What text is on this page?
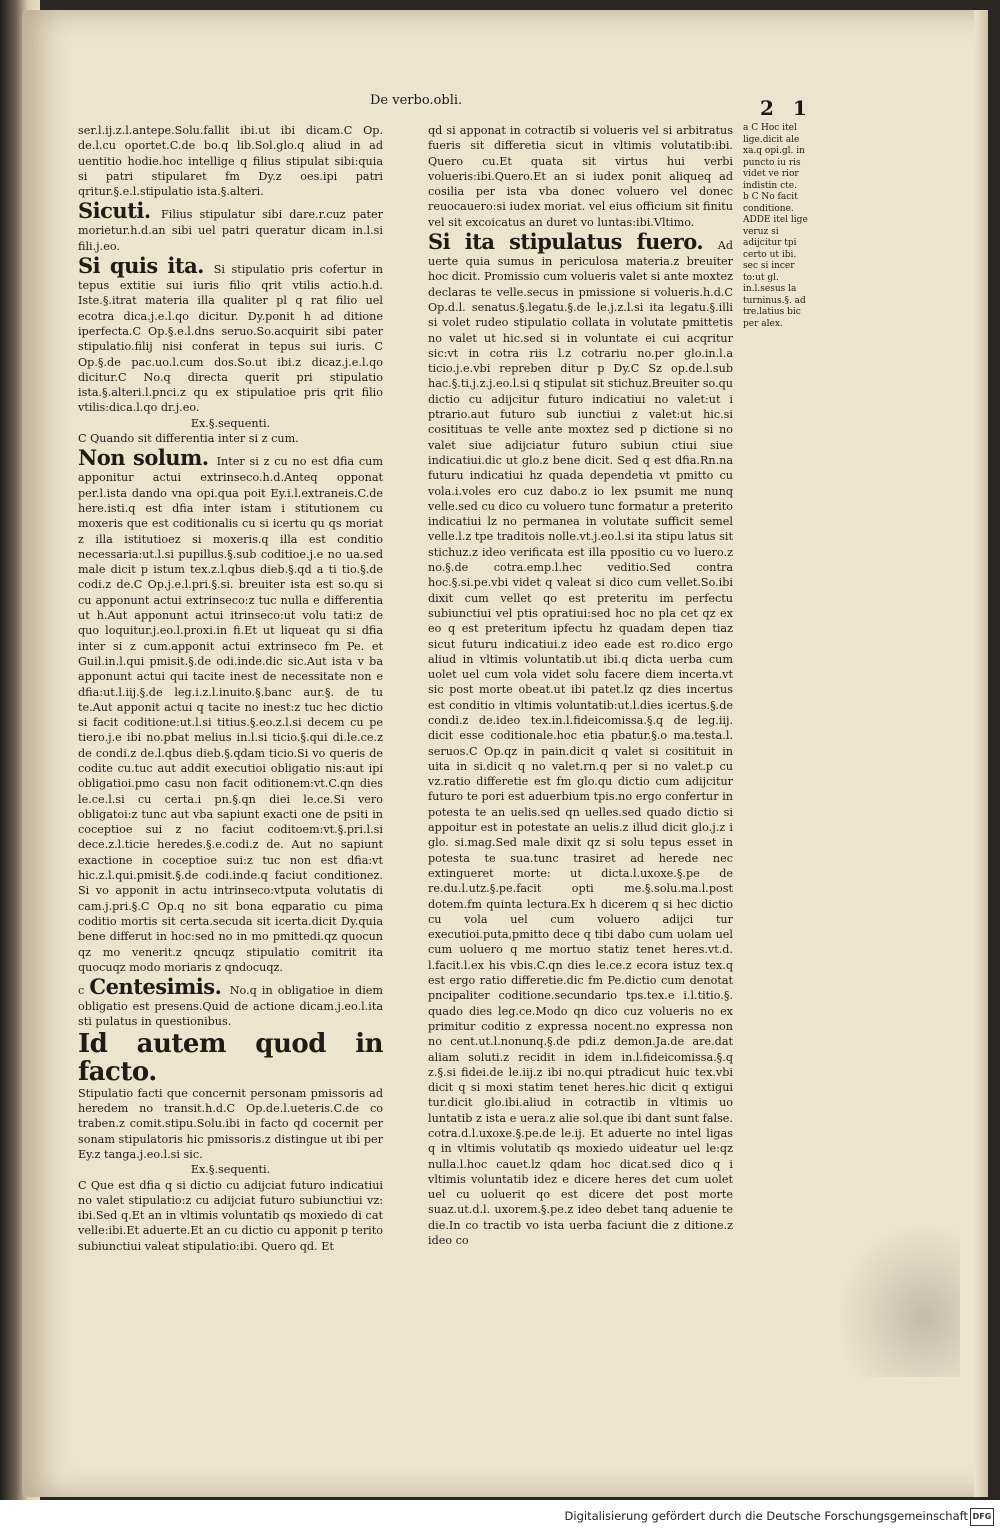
De verbo.obli.	2 1
ser.l.ij.z.l.antepe.Solu.fallit ibi.ut ibi dicam.C Op. de.l.cu oportet.C.de bo.q lib.Sol.glo.q aliud in ad uentitio hodie.hoc intellige q filius stipulat sibi:quia si patri stipularet fm Dy.z oes.ipi patri qritur.§.e.l.stipulatio ista.§.alteri.
Sicuti. Filius stipulatur sibi dare.r.cuz pater morietur.h.d.an sibi uel patri queratur dicam in.l.si fili.j.eo.
Si quis ita. Si stipulatio pris cofertur in tepus extitie sui iuris filio qrit vtilis actio.h.d. Iste.§.itrat materia illa qualiter pl q rat filio uel ecotra dica.j.e.l.qo dicitur. Dy.ponit h ad ditione iperfecta.C Op.§.e.l.dns seruo.So.acquirit sibi pater stipulatio.filij nisi conferat in tepus sui iuris. C Op.§.de pac.uo.l.cum dos.So.ut ibi.z dicaz.j.e.l.qo dicitur.C No.q directa querit pri stipulatio ista.§.alteri.l.pnci.z qu ex stipulatioe pris qrit filio vtilis:dica.l.qo dr.j.eo.
Ex.§.sequenti.
C Quando sit differentia inter si z cum.
Non solum. Inter si z cu no est dfia cum apponitur actui extrinseco.h.d.Anteq opponat per.l.ista dando vna opi.qua poit Ey.i.l.extraneis.C.de here.isti.q est dfia inter istam i stitutionem cu moxeris que est coditionalis cu si icertu qu qs moriat z illa istitutioez si moxeris.q illa est conditio necessaria:ut.l.si pupillus.§.sub coditioe.j.e no ua.sed male dicit p istum tex.z.l.qbus dieb.§.qd a ti tio.§.de codi.z de.C Op.j.e.l.pri.§.si. breuiter ista est so.qu si cu apponunt actui extrinseco:z tuc nulla e differentia ut h.Aut apponunt actui itrinseco:ut volu tati:z de quo loquitur.j.eo.l.proxi.in fi.Et ut liqueat qu si dfia inter si z cum.apponit actui extrinseco fm Pe. et Guil.in.l.qui pmisit.§.de odi.inde.dic sic.Aut ista v ba apponunt actui qui tacite inest de necessitate non e dfia:ut.l.iij.§.de leg.i.z.l.inuito.§.banc aur.§. de tu te.Aut apponit actui q tacite no inest:z tuc hec dictio si facit coditione:ut.l.si titius.§.eo.z.l.si decem cu pe tiero.j.e ibi no.pbat melius in.l.si ticio.§.qui di.le.ce.z de condi.z de.l.qbus dieb.§.qdam ticio.Si vo queris de codite cu.tuc aut addit executioi obligatio nis:aut ipi obligatioi.pmo casu non facit oditionem:vt.C.qn dies le.ce.l.si cu certa.i pn.§.qn diei le.ce.Si vero obligatoi:z tunc aut vba sapiunt exacti one de psiti in coceptioe sui z no faciut coditoem:vt.§.pri.l.si dece.z.l.ticie heredes.§.e.codi.z de. Aut no sapiunt exactione in coceptioe sui:z tuc non est dfia:vt hic.z.l.qui.pmisit.§.de codi.inde.q faciut conditionez. Si vo apponit in actu intrinseco:vtputa volutatis di cam.j.pri.§.C Op.q no sit bona eqparatio cu pima coditio mortis sit certa.secuda sit icerta.dicit Dy.quia bene differut in hoc:sed no in mo pmittedi.qz quocun qz mo venerit.z qncuqz stipulatio comitrit ita quocuqz modo moriaris z qndocuqz.
c Centesimis. No.q in obligatioe in diem obligatio est presens.Quid de actione dicam.j.eo.l.ita sti pulatus in questionibus.
Id autem quod in facto.
Stipulatio facti que concernit personam pmissoris ad heredem no transit.h.d.C Op.de.l.ueteris.C.de co traben.z comit.stipu.Solu.ibi in facto qd cocernit per sonam stipulatoris hic pmissoris.z distingue ut ibi per Ey.z tanga.j.eo.l.si sic.
Ex.§.sequenti.
C Que est dfia q si dictio cu adijciat futuro indicatiui no valet stipulatio:z cu adijciat futuro subiunctiui vz: ibi.Sed q.Et an in vltimis voluntatib qs moxiedo di cat velle:ibi.Et aduerte.Et an cu dictio cu apponit p terito subiunctiui valeat stipulatio:ibi. Quero qd. Et
qd si apponat in cotractib si volueris vel si arbitratus fueris sit differetia sicut in vltimis volutatib:ibi. Quero cu.Et quata sit virtus hui verbi volueris:ibi.Quero.Et an si iudex ponit aliqueq ad cosilia per ista vba donec voluero vel donec reuocauero:si iudex moriat. vel eius officium sit finitu vel sit excoicatus an duret vo luntas:ibi.Vltimo.
Si ita stipulatus fuero. Ad uerte quia sumus in periculosa materia.z breuiter hoc dicit. Promissio cum volueris valet si ante moxtez declaras te velle.secus in pmissione si volueris.h.d.C Op.d.l. senatus.§.legatu.§.de le.j.z.l.si ita legatu.§.illi si volet rudeo stipulatio collata in volutate pmittetis no valet ut hic.sed si in voluntate ei cui acqritur sic:vt in cotra riis l.z cotrariu no.per glo.in.l.a ticio.j.e.vbi repreben ditur p Dy.C Sz op.de.l.sub hac.§.ti.j.z.j.eo.l.si q stipulat sit stichuz.Breuiter so.qu dictio cu adijcitur futuro indicatiui no valet:ut i ptrario.aut futuro sub iunctiui z valet:ut hic.si cositituas te velle ante moxtez sed p dictione si no valet siue adijciatur futuro subiun ctiui siue indicatiui.dic ut glo.z bene dicit. Sed q est dfia.Rn.na futuru indicatiui hz quada dependetia vt pmitto cu vola.i.voles ero cuz dabo.z io lex psumit me nunq velle.sed cu dico cu voluero tunc formatur a preterito indicatiui lz no permanea in volutate sufficit semel velle.l.z tpe traditois nolle.vt.j.eo.l.si ita stipu latus sit stichuz.z ideo verificata est illa ppositio cu vo luero.z no.§.de cotra.emp.l.hec veditio.Sed contra hoc.§.si.pe.vbi videt q valeat si dico cum vellet.So.ibi dixit cum vellet qo est preteritu im perfectu subiunctiui vel ptis opratiui:sed hoc no pla cet qz ex eo q est preteritum ipfectu hz quadam depen tiaz sicut futuru indicatiui.z ideo eade est ro.dico ergo aliud in vltimis voluntatib.ut ibi.q dicta uerba cum uolet uel cum vola videt solu facere diem incerta.vt sic post morte obeat.ut ibi patet.lz qz dies incertus est conditio in vltimis voluntatib:ut.l.dies icertus.§.de condi.z de.ideo tex.in.l.fideicomissa.§.q de leg.iij. dicit esse coditionale.hoc etia pbatur.§.o ma.testa.l. seruos.C Op.qz in pain.dicit q valet si cositituit in uita in si.dicit q no valet.rn.q per si no valet.p cu vz.ratio differetie est fm glo.qu dictio cum adijcitur futuro te pori est aduerbium tpis.no ergo confertur in potesta te an uelis.sed qn uelles.sed quado dictio si appoitur est in potestate an uelis.z illud dicit glo.j.z i glo. si.mag.Sed male dixit qz si solu tepus esset in potesta te sua.tunc trasiret ad herede nec extingueret morte: ut dicta.l.uxoxe.§.pe de re.du.l.utz.§.pe.facit opti me.§.solu.ma.l.post dotem.fm quinta lectura.Ex h dicerem q si hec dictio cu vola uel cum voluero adijci tur executioi.puta,pmitto dece q tibi dabo cum uolam uel cum uoluero q me mortuo statiz tenet heres.vt.d. l.facit.l.ex his vbis.C.qn dies le.ce.z ecora istuz tex.q est ergo ratio differetie.dic fm Pe.dictio cum denotat pncipaliter coditione.secundario tps.tex.e i.l.titio.§. quado dies leg.ce.Modo qn dico cuz volueris no ex primitur coditio z expressa nocent.no expressa non no cent.ut.l.nonunq.§.de pdi.z demon.Ja.de are.dat aliam soluti.z recidit in idem in.l.fideicomissa.§.q z.§.si fidei.de le.iij.z ibi no.qui ptradicut huic tex.vbi dicit q si moxi statim tenet heres.hic dicit q extigui tur.dicit glo.ibi.aliud in cotractib in vltimis uo luntatib z ista e uera.z alie sol.que ibi dant sunt false. cotra.d.l.uxoxe.§.pe.de le.ij. Et aduerte no intel ligas q in vltimis volutatib qs moxiedo uideatur uel le:qz nulla.l.hoc cauet.lz qdam hoc dicat.sed dico q i vltimis voluntatib idez e dicere heres det cum uolet uel cu uoluerit qo est dicere det post morte suaz.ut.d.l. uxorem.§.pe.z ideo debet tanq aduenie te die.In co tractib vo ista uerba faciunt die z ditione.z ideo co
a C Hoc itel lige.dicit ale xa.q opi.gl. in puncto iu ris videt ve rior indistin cte.
b C No facit conditione.
ADDE itel lige veruz si adijcitur tpi certo ut ibi. sec si incer to:ut gl. in.l.sesus la turninus.§. ad tre.latius bic per alex.
Digitalisierung gefördert durch die Deutsche Forschungsgemeinschaft DFG
